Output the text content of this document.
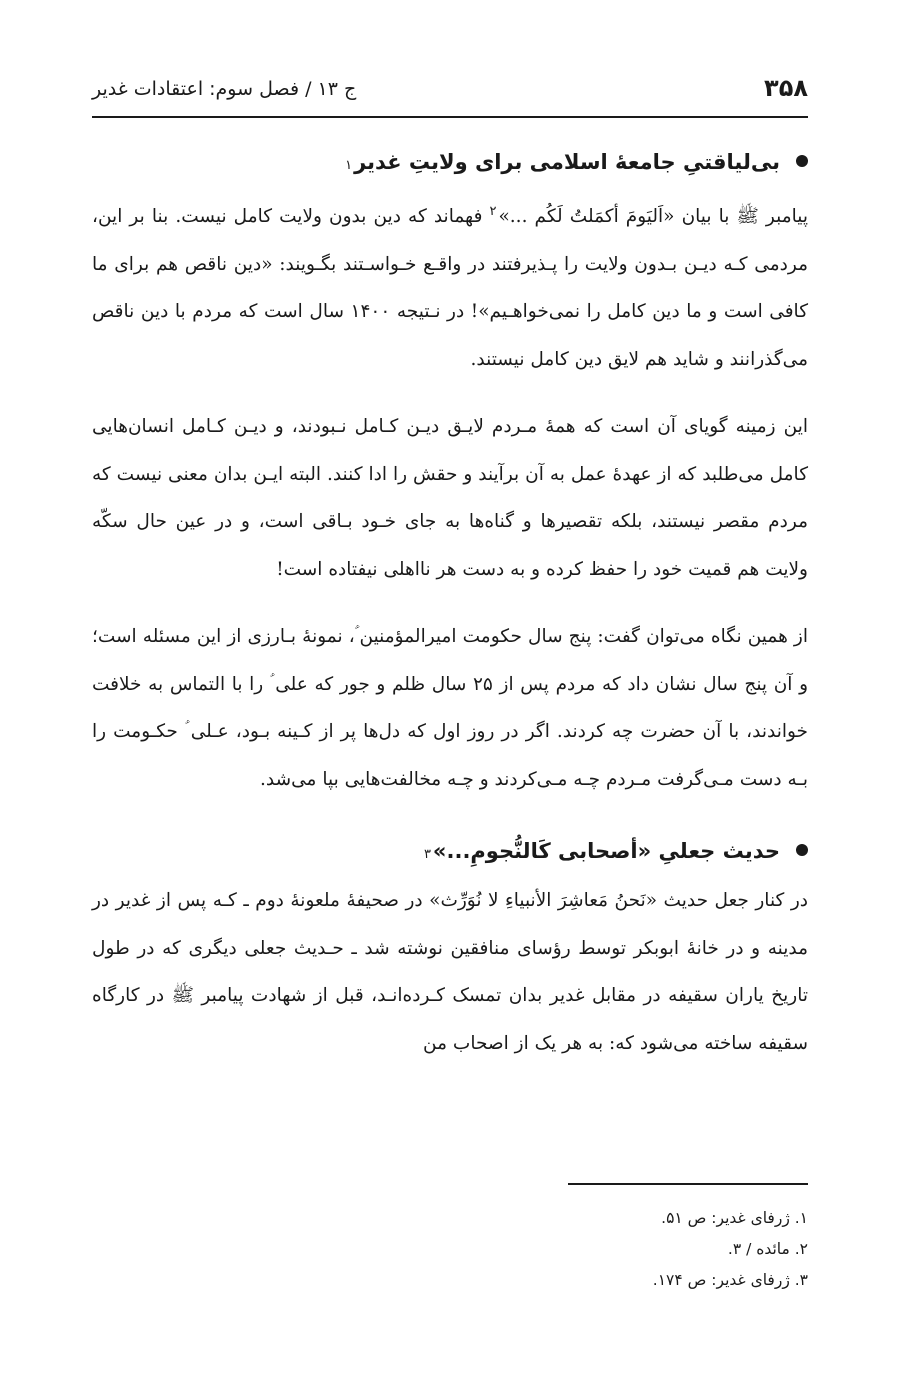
۳۵۸
ج ۱۳ / فصل سوم: اعتقادات غدیر
بی‌لیاقتیِ جامعهٔ اسلامی برای ولایتِ غدیر
۱

پیامبر ﷺ با بیان «اَلیَومَ أکمَلتُ لَکُم ...»$^۲$ فهماند که دین بدون ولایت کامل نیست. بنا بر این، مردمی کـه دیـن بـدون ولایت را پـذیرفتند در واقـع خـواسـتند بگـویند: «دین ناقص هم برای ما کافی است و ما دین کامل را نمی‌خواهـیم»! در نـتیجه ۱۴۰۰ سال است که مردم با دین ناقص می‌گذرانند و شاید هم لایق دین کامل نیستند.

این زمینه گویای آن است که همهٔ مـردم لایـق دیـن کـامل نـبودند، و دیـن کـامل انسان‌هایی کامل می‌طلبد که از عهدهٔ عمل به آن برآیند و حقش را ادا کنند. البته ایـن بدان معنی نیست که مردم مقصر نیستند، بلکه تقصیرها و گناه‌ها به جای خـود بـاقی است، و در عین حال سکّه ولایت هم قمیت خود را حفظ کرده و به دست هر نااهلی نیفتاده است!

از همین نگاه می‌توان گفت: پنج سال حکومت امیرالمؤمنین ؑ، نمونهٔ بـارزی از این مسئله است؛ و آن پنج سال نشان داد که مردم پس از ۲۵ سال ظلم و جور که علی ؑ را با التماس به خلافت خواندند، با آن حضرت چه کردند. اگر در روز اول که دل‌ها پر از کـینه بـود، عـلی ؑ حکـومت را بـه دست مـی‌گرفت مـردم چـه مـی‌کردند و چـه مخالفت‌هایی بپا می‌شد.

حدیث جعلیِ «أصحابی کَالنُّجومِ...»
۳

در کنار جعل حدیث «نَحنُ مَعاشِرَ الأنبیاءِ لا نُوَرِّث» در صحیفهٔ ملعونهٔ دوم ـ کـه پس از غدیر در مدینه و در خانهٔ ابوبکر توسط رؤسای منافقین نوشته شد ـ حـدیث جعلی دیگری که در طول تاریخ یاران سقیفه در مقابل غدیر بدان تمسک کـرده‌انـد، قبل از شهادت پیامبر ﷺ در کارگاه سقیفه ساخته می‌شود که: به هر یک از اصحاب من

۱. ژرفای غدیر: ص ۵۱.

۲. مائده / ۳.

۳. ژرفای غدیر: ص ۱۷۴.
